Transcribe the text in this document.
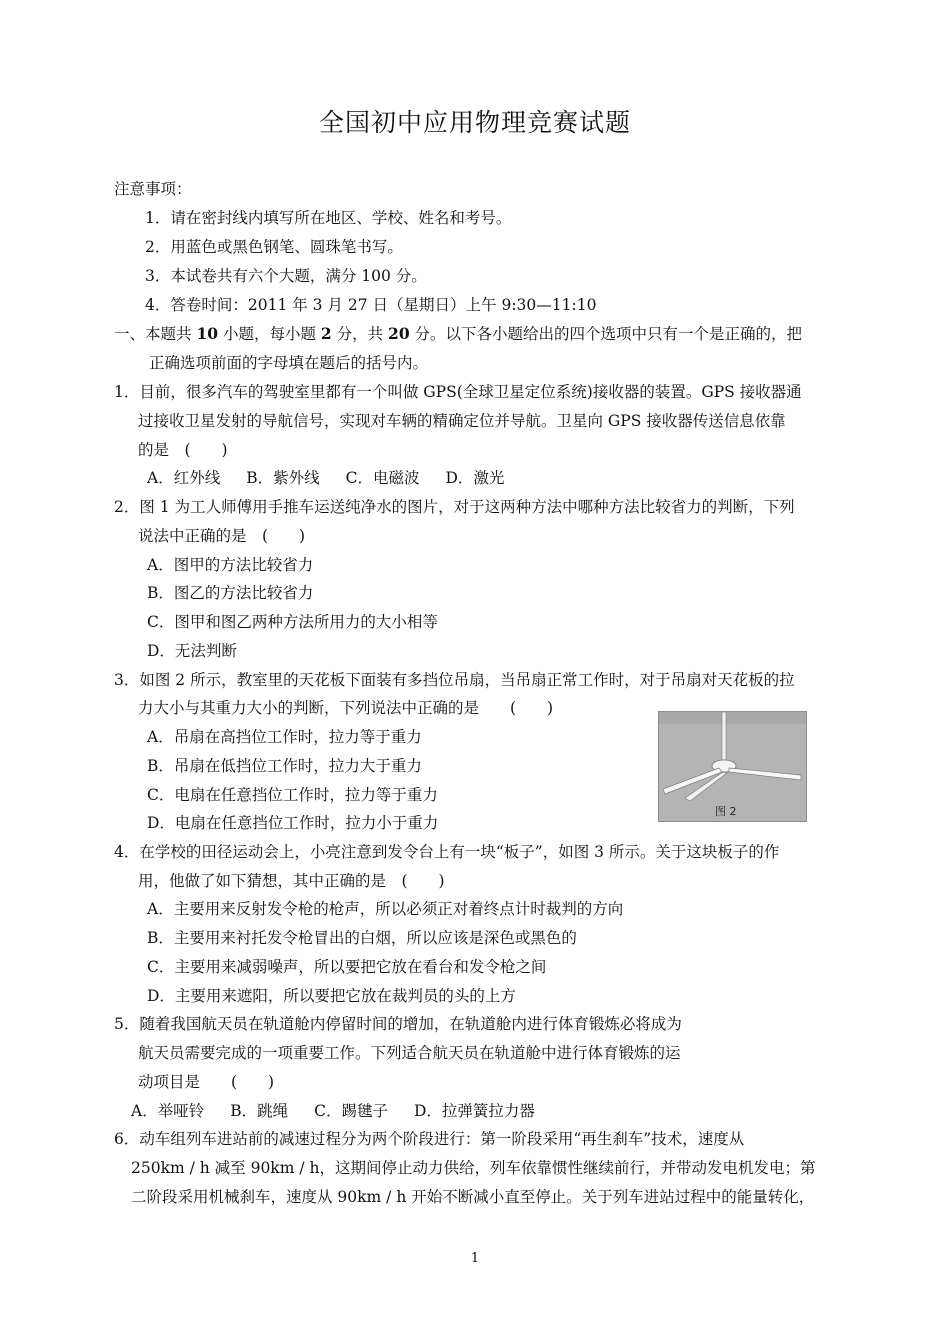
全国初中应用物理竞赛试题
注意事项：
1．请在密封线内填写所在地区、学校、姓名和考号。
2．用蓝色或黑色钢笔、圆珠笔书写。
3．本试卷共有六个大题，满分 100 分。
4．答卷时间：2011 年 3 月 27 日（星期日）上午 9:30—11:10
一、本题共 10 小题，每小题 2 分，共 20 分。以下各小题给出的四个选项中只有一个是正确的，把
正确选项前面的字母填在题后的括号内。
1．目前，很多汽车的驾驶室里都有一个叫做 GPS(全球卫星定位系统)接收器的装置。GPS 接收器通
过接收卫星发射的导航信号，实现对车辆的精确定位并导航。卫星向 GPS 接收器传送信息依靠
的是　(　　)
A．红外线 B．紫外线 C．电磁波 D．激光
2．图 1 为工人师傅用手推车运送纯净水的图片，对于这两种方法中哪种方法比较省力的判断，下列
说法中正确的是　(　　)
A．图甲的方法比较省力
B．图乙的方法比较省力
C．图甲和图乙两种方法所用力的大小相等
D．无法判断
3．如图 2 所示，教室里的天花板下面装有多挡位吊扇，当吊扇正常工作时，对于吊扇对天花板的拉
力大小与其重力大小的判断，下列说法中正确的是　　(　　)
A．吊扇在高挡位工作时，拉力等于重力
B．吊扇在低挡位工作时，拉力大于重力
C．电扇在任意挡位工作时，拉力等于重力
D．电扇在任意挡位工作时，拉力小于重力
图 2
4．在学校的田径运动会上，小亮注意到发令台上有一块“板子”，如图 3 所示。关于这块板子的作
用，他做了如下猜想，其中正确的是　(　　)
A．主要用来反射发令枪的枪声，所以必须正对着终点计时裁判的方向
B．主要用来衬托发令枪冒出的白烟，所以应该是深色或黑色的
C．主要用来减弱噪声，所以要把它放在看台和发令枪之间
D．主要用来遮阳，所以要把它放在裁判员的头的上方
5．随着我国航天员在轨道舱内停留时间的增加，在轨道舱内进行体育锻炼必将成为
航天员需要完成的一项重要工作。下列适合航天员在轨道舱中进行体育锻炼的运
动项目是　　(　　)
A．举哑铃 B．跳绳 C．踢毽子 D．拉弹簧拉力器
6．动车组列车进站前的减速过程分为两个阶段进行：第一阶段采用“再生刹车”技术，速度从
250km / h 减至 90km / h，这期间停止动力供给，列车依靠惯性继续前行，并带动发电机发电；第
二阶段采用机械刹车，速度从 90km / h 开始不断减小直至停止。关于列车进站过程中的能量转化，
1
